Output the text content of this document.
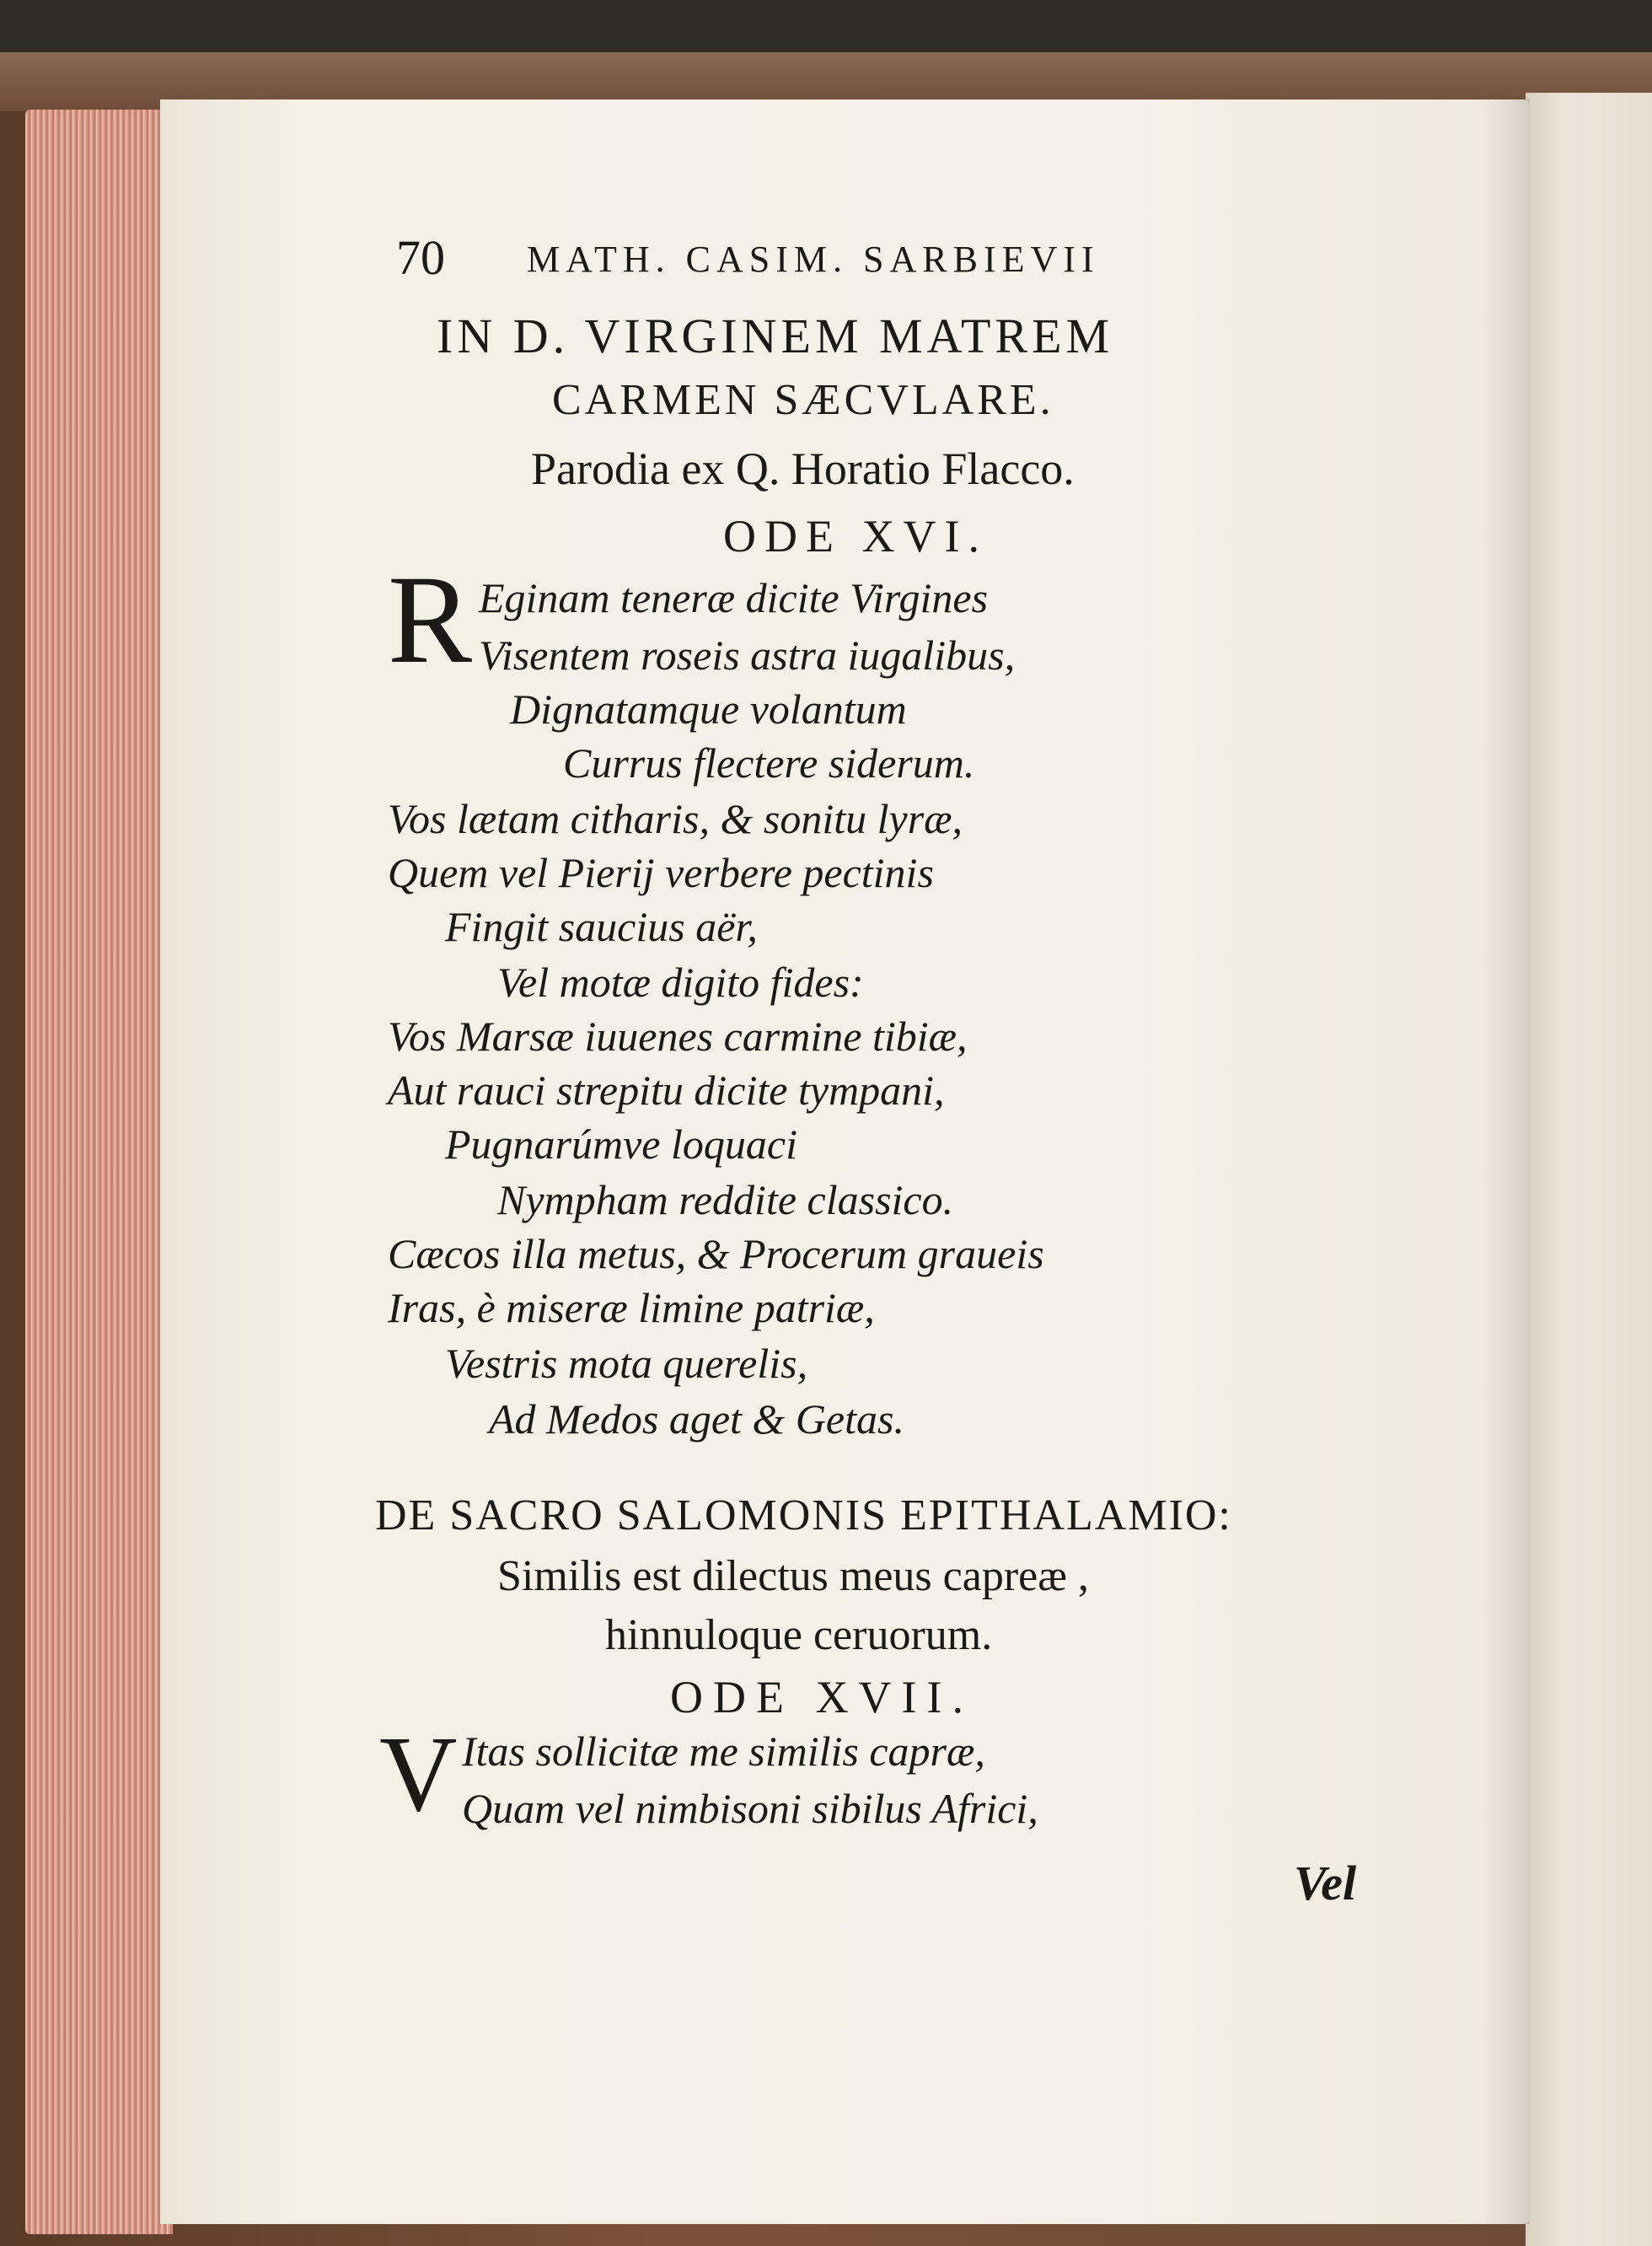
70 MATH. CASIM. SARBIEVII
IN D. VIRGINEM MATREM
CARMEN SÆCVLARE.
Parodia ex Q. Horatio Flacco.
ODE XVI.
R Eginam teneræ dicite Virgines
Visentem roseis astra iugalibus,
Dignatamque volantum
Currus flectere siderum.
Vos lætam citharis, & sonitu lyræ,
Quem vel Pierij verbere pectinis
Fingit saucius aër,
Vel motæ digito fides:
Vos Marsæ iuuenes carmine tibiæ,
Aut rauci strepitu dicite tympani,
Pugnarúmve loquaci
Nympham reddite classico.
Cæcos illa metus, & Procerum graueis
Iras, è miseræ limine patriæ,
Vestris mota querelis,
Ad Medos aget & Getas.
DE SACRO SALOMONIS EPITHALAMIO:
Similis est dilectus meus capreæ ,
hinnuloque ceruorum.
ODE XVII.
V Itas sollicitæ me similis capræ,
Quam vel nimbisoni sibilus Africi,
Vel
